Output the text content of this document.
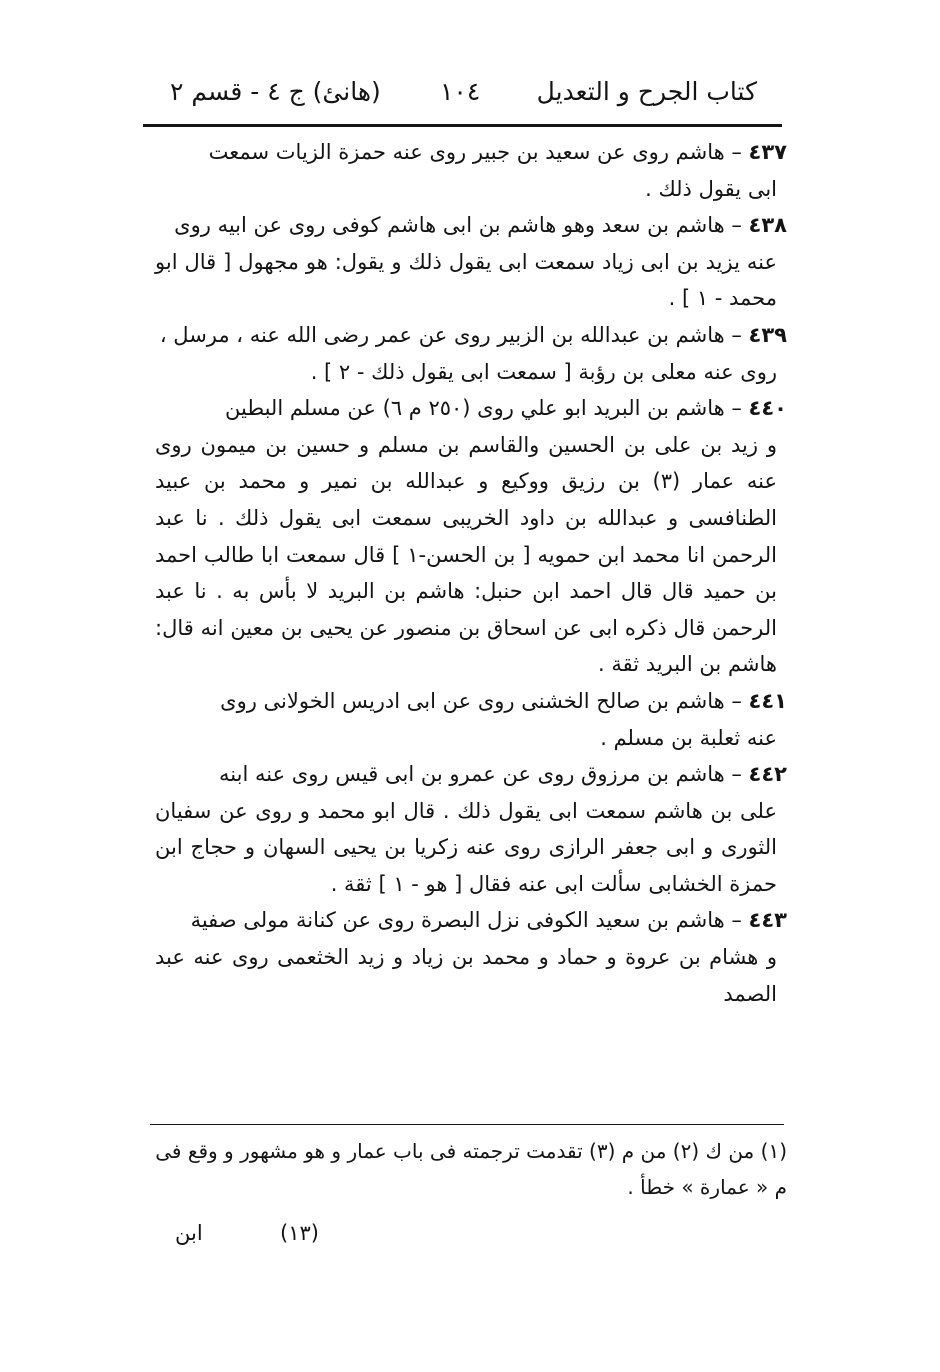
كتاب الجرح و التعديل
١٠٤
(هانئ) ج ٤ - قسم ٢

٤٣٧ – هاشم روى عن سعيد بن جبير روى عنه حمزة الزيات سمعت
ابى يقول ذلك .

٤٣٨ – هاشم بن سعد وهو هاشم بن ابى هاشم كوفى روى عن ابيه روى
عنه يزيد بن ابى زياد سمعت ابى يقول ذلك و يقول: هو مجهول [ قال ابو محمد - ١ ] .

٤٣٩ – هاشم بن عبدالله بن الزبير روى عن عمر رضى الله عنه ، مرسل ،
روى عنه معلى بن رؤبة [ سمعت ابى يقول ذلك - ٢ ] .

٤٤٠ – هاشم بن البريد ابو علي روى (٢٥٠ م ٦) عن مسلم البطين
و زيد بن على بن الحسين والقاسم بن مسلم و حسين بن ميمون روى عنه عمار (٣) بن رزيق ووكيع و عبدالله بن نمير و محمد بن عبيد الطنافسى و عبدالله بن داود الخريبى سمعت ابى يقول ذلك . نا عبد الرحمن انا محمد ابن حمويه [ بن الحسن-١ ] قال سمعت ابا طالب احمد بن حميد قال قال احمد ابن حنبل: هاشم بن البريد لا بأس به . نا عبد الرحمن قال ذكره ابى عن اسحاق بن منصور عن يحيى بن معين انه قال: هاشم بن البريد ثقة .

٤٤١ – هاشم بن صالح الخشنى روى عن ابى ادريس الخولانى روى
عنه ثعلبة بن مسلم .

٤٤٢ – هاشم بن مرزوق روى عن عمرو بن ابى قيس روى عنه ابنه
على بن هاشم سمعت ابى يقول ذلك . قال ابو محمد و روى عن سفيان الثورى و ابى جعفر الرازى روى عنه زكريا بن يحيى السهان و حجاج ابن حمزة الخشابى سألت ابى عنه فقال [ هو - ١ ] ثقة .

٤٤٣ – هاشم بن سعيد الكوفى نزل البصرة روى عن كنانة مولى صفية
و هشام بن عروة و حماد و محمد بن زياد و زيد الخثعمى روى عنه عبد الصمد

(١) من ك (٢) من م (٣) تقدمت ترجمته فى باب عمار و هو مشهور و وقع فى م « عمارة » خطأ .
(١٣)
ابن
